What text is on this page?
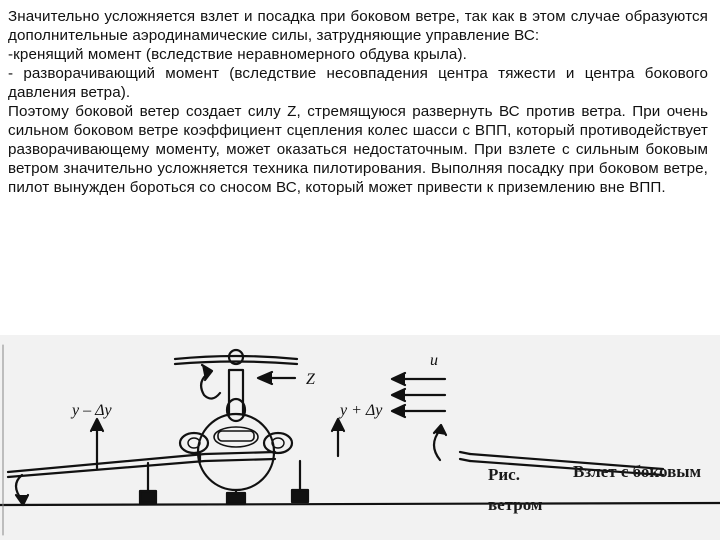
Значительно усложняется взлет и посадка при боковом ветре, так как в этом случае образуются дополнительные аэродинамические силы, затрудняющие управление ВС:

-кренящий момент (вследствие неравномерного обдува крыла).

- разворачивающий момент (вследствие несовпадения центра тяжести и центра бокового давления ветра).

Поэтому боковой ветер создает силу Z, стремящуюся развернуть ВС против ветра. При очень сильном боковом ветре коэффициент сцепления колес шасси с ВПП, который противодействует разворачивающему моменту, может оказаться недостаточным. При взлете с сильным боковым ветром значительно усложняется техника пилотирования. Выполняя посадку при боковом ветре, пилот вынужден бороться со сносом ВС, который может привести к приземлению вне ВПП.

Z
u
y – Δy	y + Δy
Рис.	Взлет с боковым
ветром
